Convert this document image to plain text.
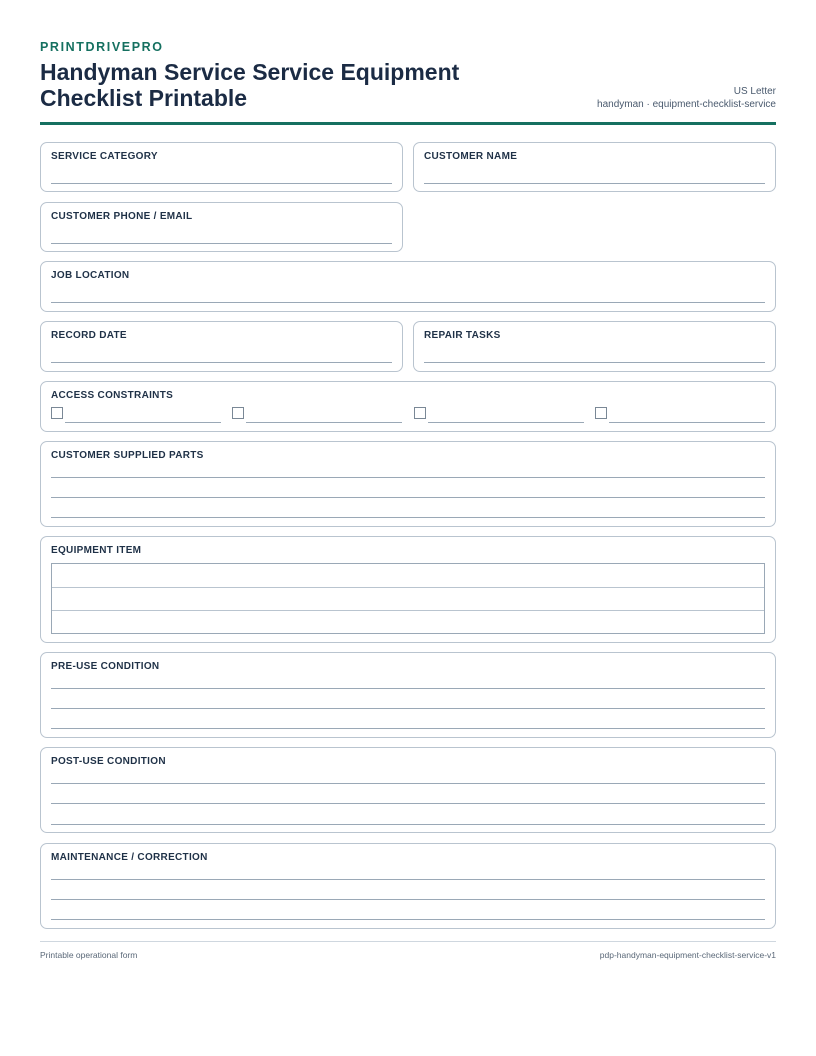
PRINTDRIVEPRO
Handyman Service Service Equipment Checklist Printable	US Letter
handyman · equipment-checklist-service
SERVICE CATEGORY	CUSTOMER NAME
CUSTOMER PHONE / EMAIL
JOB LOCATION
RECORD DATE	REPAIR TASKS
ACCESS CONSTRAINTS
CUSTOMER SUPPLIED PARTS
EQUIPMENT ITEM
PRE-USE CONDITION
POST-USE CONDITION
MAINTENANCE / CORRECTION
Printable operational form	pdp-handyman-equipment-checklist-service-v1
